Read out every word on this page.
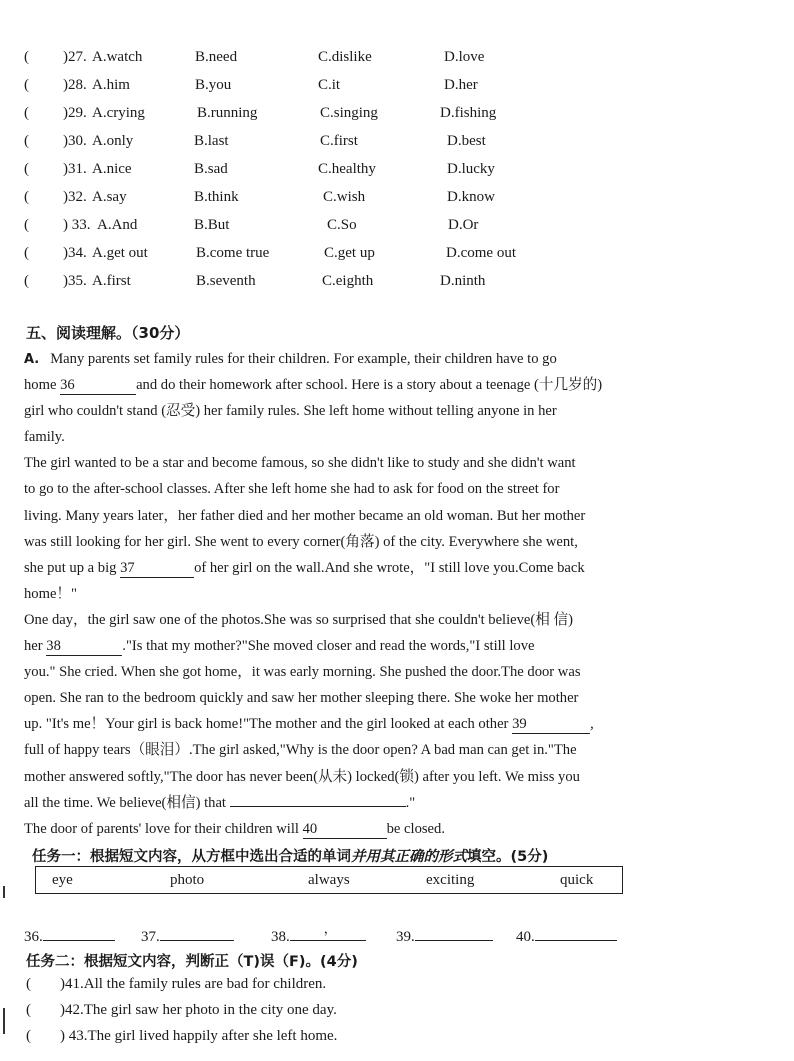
( )27. A.watch	B.need	C.dislike	D.love
( )28. A.him	B.you	C.it	D.her
( )29. A.crying	B.running	C.singing	D.fishing
( )30. A.only	B.last	C.first	D.best
( )31. A.nice	B.sad	C.healthy	D.lucky
( )32. A.say	B.think	C.wish	D.know
( ) 33. A.And	B.But	C.So	D.Or
( )34. A.get out	B.come true	C.get up	D.come out
( )35. A.first	B.seventh	C.eighth	D.ninth
五、阅读理解。（30分）
A. Many parents set family rules for their children. For example, their children have to go
home 36	and do their homework after school. Here is a story about a teenage (十几岁的)
girl who couldn't stand (忍受) her family rules. She left home without telling anyone in her
family.
The girl wanted to be a star and become famous, so she didn't like to study and she didn't want
to go to the after-school classes. After she left home she had to ask for food on the street for
living. Many years later，her father died and her mother became an old woman. But her mother
was still looking for her girl. She went to every corner(角落) of the city. Everywhere she went,
she put up a big 37	of her girl on the wall.And she wrote，"I still love you.Come back
home！"
One day，the girl saw one of the photos.She was so surprised that she couldn't believe(相 信)
her 38	."Is that my mother?"She moved closer and read the words,"I still love
you." She cried. When she got home，it was early morning. She pushed the door.The door was
open. She ran to the bedroom quickly and saw her mother sleeping there. She woke her mother
up. "It's me！Your girl is back home!"The mother and the girl looked at each other 39	,
full of happy tears（眼泪）.The girl asked,"Why is the door open? A bad man can get in."The
mother answered softly,"The door has never been(从未) locked(锁) after you left. We miss you
all the time. We believe(相信) that	."
The door of parents' love for their children will 40	be closed.
任务一：根据短文内容，从方框中选出合适的单词并用其正确的形式填空。(5分)
eye	photo	always	exciting	quick
36.	37.	38.
，
39.	40.
任务二：根据短文内容，判断正（T)误（F)。(4分)
( )41.All the family rules are bad for children.
( )42.The girl saw her photo in the city one day.
( ) 43.The girl lived happily after she left home.
